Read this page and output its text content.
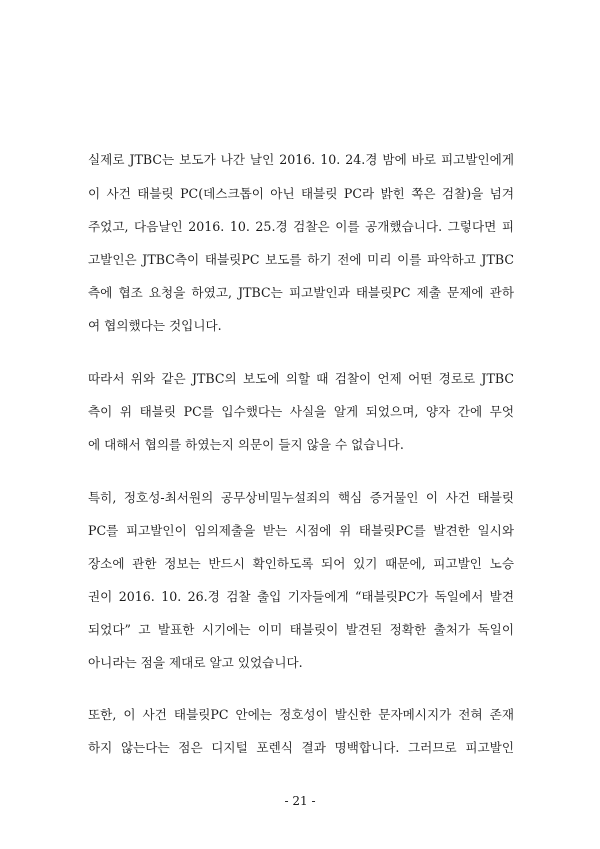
실제로 JTBC는 보도가 나간 날인 2016. 10. 24.경 밤에 바로 피고발인에게
이 사건 태블릿 PC(데스크톱이 아닌 태블릿 PC라 밝힌 쪽은 검찰)을 넘겨
주었고, 다음날인 2016. 10. 25.경 검찰은 이를 공개했습니다. 그렇다면 피
고발인은 JTBC측이 태블릿PC 보도를 하기 전에 미리 이를 파악하고 JTBC
측에 협조 요청을 하였고, JTBC는 피고발인과 태블릿PC 제출 문제에 관하
여 협의했다는 것입니다.
따라서 위와 같은 JTBC의 보도에 의할 때 검찰이 언제 어떤 경로로 JTBC
측이 위 태블릿 PC를 입수했다는 사실을 알게 되었으며, 양자 간에 무엇
에 대해서 협의를 하였는지 의문이 들지 않을 수 없습니다.
특히, 정호성-최서원의 공무상비밀누설죄의 핵심 증거물인 이 사건 태블릿
PC를 피고발인이 임의제출을 받는 시점에 위 태블릿PC를 발견한 일시와
장소에 관한 정보는 반드시 확인하도록 되어 있기 때문에, 피고발인 노승
권이 2016. 10. 26.경 검찰 출입 기자들에게 “태블릿PC가 독일에서 발견
되었다” 고 발표한 시기에는 이미 태블릿이 발견된 정확한 출처가 독일이
아니라는 점을 제대로 알고 있었습니다.
또한, 이 사건 태블릿PC 안에는 정호성이 발신한 문자메시지가 전혀 존재
하지 않는다는 점은 디지털 포렌식 결과 명백합니다. 그러므로 피고발인
- 21 -
